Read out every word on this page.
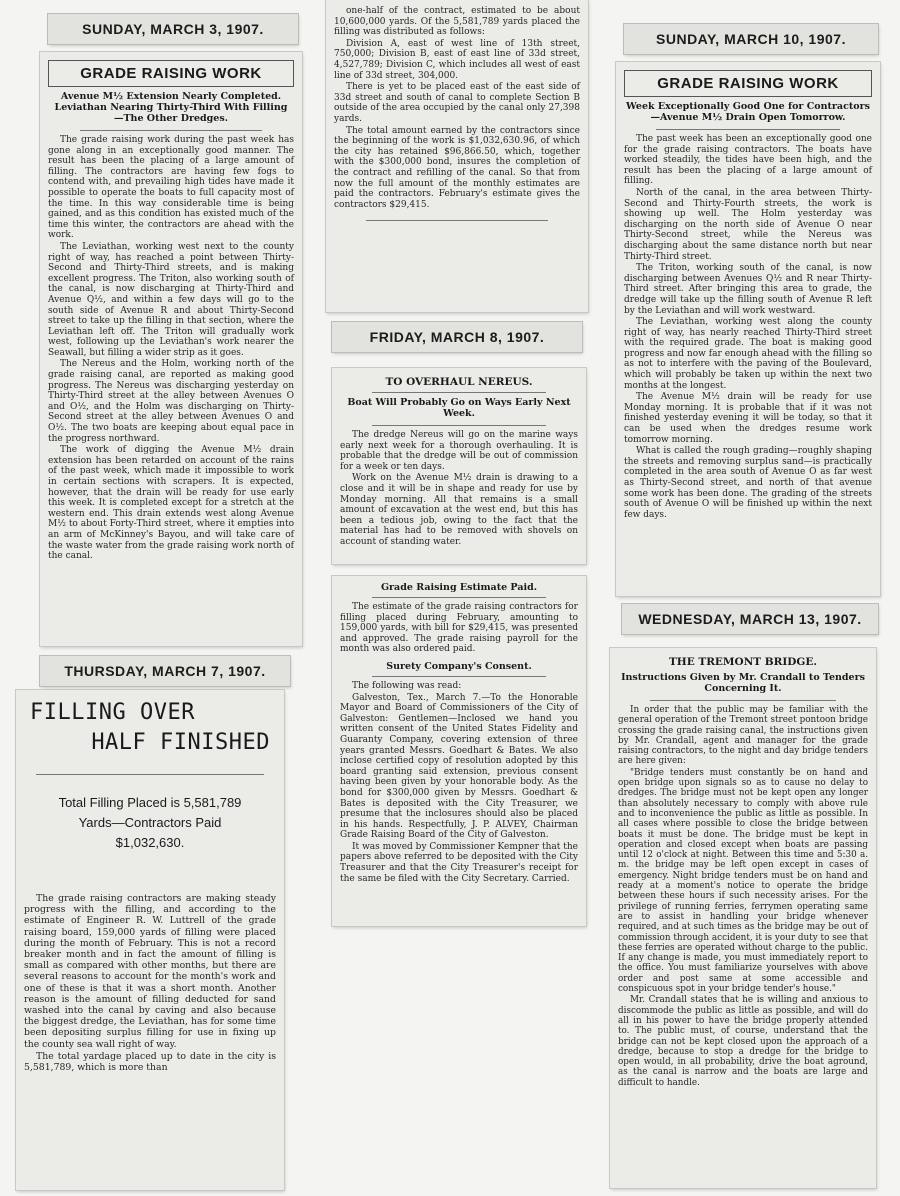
SUNDAY, MARCH 3, 1907.
GRADE RAISING WORK
Avenue M½ Extension Nearly Completed. Leviathan Nearing Thirty-Third With Filling—The Other Dredges.

The grade raising work during the past week has gone along in an exceptionally good manner. The result has been the placing of a large amount of filling. The contractors are having few fogs to contend with, and prevailing high tides have made it possible to operate the boats to full capacity most of the time. In this way considerable time is being gained, and as this condition has existed much of the time this winter, the contractors are ahead with the work.

The Leviathan, working west next to the county right of way, has reached a point between Thirty-Second and Thirty-Third streets, and is making excellent progress. The Triton, also working south of the canal, is now discharging at Thirty-Third and Avenue Q½, and within a few days will go to the south side of Avenue R and about Thirty-Second street to take up the filling in that section, where the Leviathan left off. The Triton will gradually work west, following up the Leviathan's work nearer the Seawall, but filling a wider strip as it goes.

The Nereus and the Holm, working north of the grade raising canal, are reported as making good progress. The Nereus was discharging yesterday on Thirty-Third street at the alley between Avenues O and O½, and the Holm was discharging on Thirty-Second street at the alley between Avenues O and O½. The two boats are keeping about equal pace in the progress northward.

The work of digging the Avenue M½ drain extension has been retarded on account of the rains of the past week, which made it impossible to work in certain sections with scrapers. It is expected, however, that the drain will be ready for use early this week. It is completed except for a stretch at the western end. This drain extends west along Avenue M½ to about Forty-Third street, where it empties into an arm of McKinney's Bayou, and will take care of the waste water from the grade raising work north of the canal.

THURSDAY, MARCH 7, 1907.
FILLING OVER
HALF FINISHED
Total Filling Placed is 5,581,789
Yards—Contractors Paid
$1,032,630.

The grade raising contractors are making steady progress with the filling, and according to the estimate of Engineer R. W. Luttrell of the grade raising board, 159,000 yards of filling were placed during the month of February. This is not a record breaker month and in fact the amount of filling is small as compared with other months, but there are several reasons to account for the month's work and one of these is that it was a short month. Another reason is the amount of filling deducted for sand washed into the canal by caving and also because the biggest dredge, the Leviathan, has for some time been depositing surplus filling for use in fixing up the county sea wall right of way.

The total yardage placed up to date in the city is 5,581,789, which is more than

one-half of the contract, estimated to be about 10,600,000 yards. Of the 5,581,789 yards placed the filling was distributed as follows:

Division A, east of west line of 13th street, 750,000; Division B, east of east line of 33d street, 4,527,789; Division C, which includes all west of east line of 33d street, 304,000.

There is yet to be placed east of the east side of 33d street and south of canal to complete Section B outside of the area occupied by the canal only 27,398 yards.

The total amount earned by the contractors since the beginning of the work is $1,032,630.96, of which the city has retained $96,866.50, which, together with the $300,000 bond, insures the completion of the contract and refilling of the canal. So that from now the full amount of the monthly estimates are paid the contractors. February's estimate gives the contractors $29,415.

FRIDAY, MARCH 8, 1907.
TO OVERHAUL NEREUS.
Boat Will Probably Go on Ways Early Next Week.

The dredge Nereus will go on the marine ways early next week for a thorough overhauling. It is probable that the dredge will be out of commission for a week or ten days.

Work on the Avenue M½ drain is drawing to a close and it will be in shape and ready for use by Monday morning. All that remains is a small amount of excavation at the west end, but this has been a tedious job, owing to the fact that the material has had to be removed with shovels on account of standing water.

Grade Raising Estimate Paid.

The estimate of the grade raising contractors for filling placed during February, amounting to 159,000 yards, with bill for $29,415, was presented and approved. The grade raising payroll for the month was also ordered paid.

Surety Company's Consent.

The following was read:

Galveston, Tex., March 7.—To the Honorable Mayor and Board of Commissioners of the City of Galveston: Gentlemen—Inclosed we hand you written consent of the United States Fidelity and Guaranty Company, covering extension of three years granted Messrs. Goedhart & Bates. We also inclose certified copy of resolution adopted by this board granting said extension, previous consent having been given by your honorable body. As the bond for $300,000 given by Messrs. Goedhart & Bates is deposited with the City Treasurer, we presume that the inclosures should also be placed in his hands. Respectfully, J. P. ALVEY, Chairman Grade Raising Board of the City of Galveston.

It was moved by Commissioner Kempner that the papers above referred to be deposited with the City Treasurer and that the City Treasurer's receipt for the same be filed with the City Secretary. Carried.

SUNDAY, MARCH 10, 1907.
GRADE RAISING WORK
Week Exceptionally Good One for Contractors—Avenue M½ Drain Open Tomorrow.

The past week has been an exceptionally good one for the grade raising contractors. The boats have worked steadily, the tides have been high, and the result has been the placing of a large amount of filling.

North of the canal, in the area between Thirty-Second and Thirty-Fourth streets, the work is showing up well. The Holm yesterday was discharging on the north side of Avenue O near Thirty-Second street, while the Nereus was discharging about the same distance north but near Thirty-Third street.

The Triton, working south of the canal, is now discharging between Avenues Q½ and R near Thirty-Third street. After bringing this area to grade, the dredge will take up the filling south of Avenue R left by the Leviathan and will work westward.

The Leviathan, working west along the county right of way, has nearly reached Thirty-Third street with the required grade. The boat is making good progress and now far enough ahead with the filling so as not to interfere with the paving of the Boulevard, which will probably be taken up within the next two months at the longest.

The Avenue M½ drain will be ready for use Monday morning. It is probable that if it was not finished yesterday evening it will be today, so that it can be used when the dredges resume work tomorrow morning.

What is called the rough grading—roughly shaping the streets and removing surplus sand—is practically completed in the area south of Avenue O as far west as Thirty-Second street, and north of that avenue some work has been done. The grading of the streets south of Avenue O will be finished up within the next few days.

WEDNESDAY, MARCH 13, 1907.
THE TREMONT BRIDGE.
Instructions Given by Mr. Crandall to Tenders Concerning It.

In order that the public may be familiar with the general operation of the Tremont street pontoon bridge crossing the grade raising canal, the instructions given by Mr. Crandall, agent and manager for the grade raising contractors, to the night and day bridge tenders are here given:

"Bridge tenders must constantly be on hand and open bridge upon signals so as to cause no delay to dredges. The bridge must not be kept open any longer than absolutely necessary to comply with above rule and to inconvenience the public as little as possible. In all cases where possible to close the bridge between boats it must be done. The bridge must be kept in operation and closed except when boats are passing until 12 o'clock at night. Between this time and 5:30 a. m. the bridge may be left open except in cases of emergency. Night bridge tenders must be on hand and ready at a moment's notice to operate the bridge between these hours if such necessity arises. For the privilege of running ferries, ferrymen operating same are to assist in handling your bridge whenever required, and at such times as the bridge may be out of commission through accident, it is your duty to see that these ferries are operated without charge to the public. If any change is made, you must immediately report to the office. You must familiarize yourselves with above order and post same at some accessible and conspicuous spot in your bridge tender's house."

Mr. Crandall states that he is willing and anxious to discommode the public as little as possible, and will do all in his power to have the bridge properly attended to. The public must, of course, understand that the bridge can not be kept closed upon the approach of a dredge, because to stop a dredge for the bridge to open would, in all probability, drive the boat aground, as the canal is narrow and the boats are large and difficult to handle.
